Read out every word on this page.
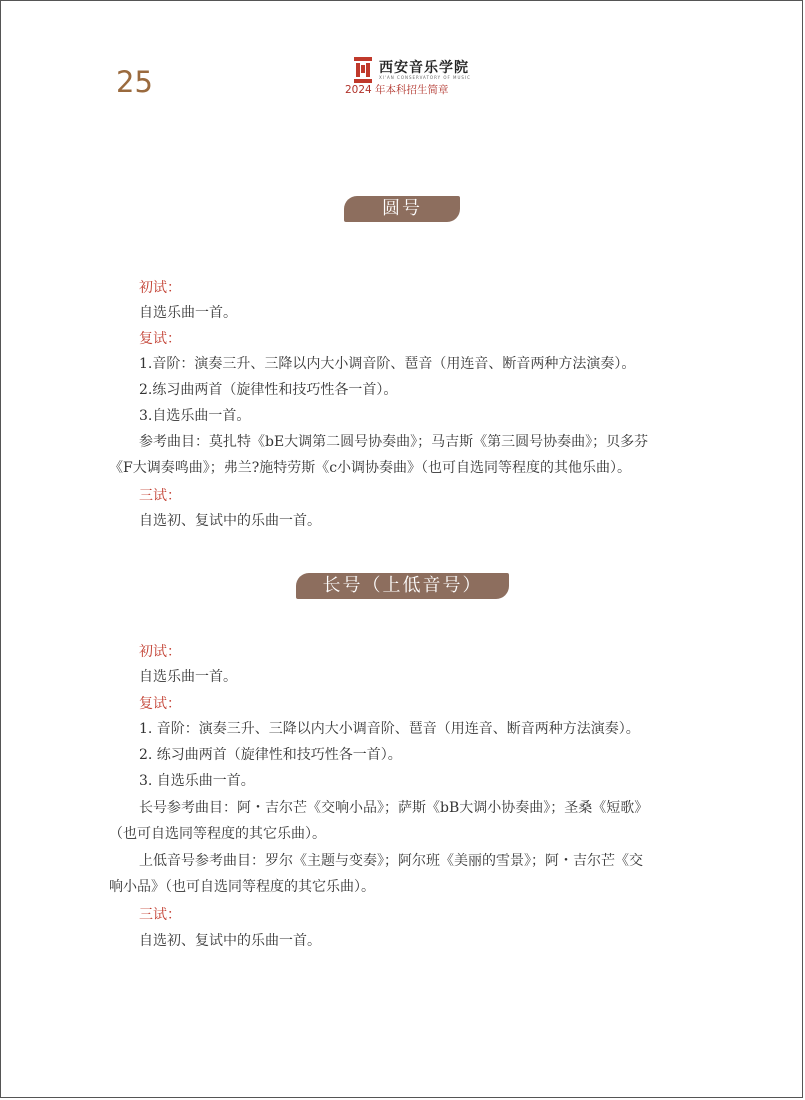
25	西安音乐学院
XI'AN CONSERVATORY OF MUSIC
2024 年本科招生简章
圆号
初试：
自选乐曲一首。
复试：
1.音阶：演奏三升、三降以内大小调音阶、琶音（用连音、断音两种方法演奏）。
2.练习曲两首（旋律性和技巧性各一首）。
3.自选乐曲一首。
参考曲目：莫扎特《bE大调第二圆号协奏曲》；马吉斯《第三圆号协奏曲》；贝多芬
《F大调奏鸣曲》；弗兰?施特劳斯《c小调协奏曲》（也可自选同等程度的其他乐曲）。
三试：
自选初、复试中的乐曲一首。
长号（上低音号）
初试：
自选乐曲一首。
复试：
1. 音阶：演奏三升、三降以内大小调音阶、琶音（用连音、断音两种方法演奏）。
2. 练习曲两首（旋律性和技巧性各一首）。
3. 自选乐曲一首。
长号参考曲目：阿・吉尔芒《交响小品》；萨斯《bB大调小协奏曲》；圣桑《短歌》
（也可自选同等程度的其它乐曲）。
上低音号参考曲目：罗尔《主题与变奏》；阿尔班《美丽的雪景》；阿・吉尔芒《交
响小品》（也可自选同等程度的其它乐曲）。
三试：
自选初、复试中的乐曲一首。
